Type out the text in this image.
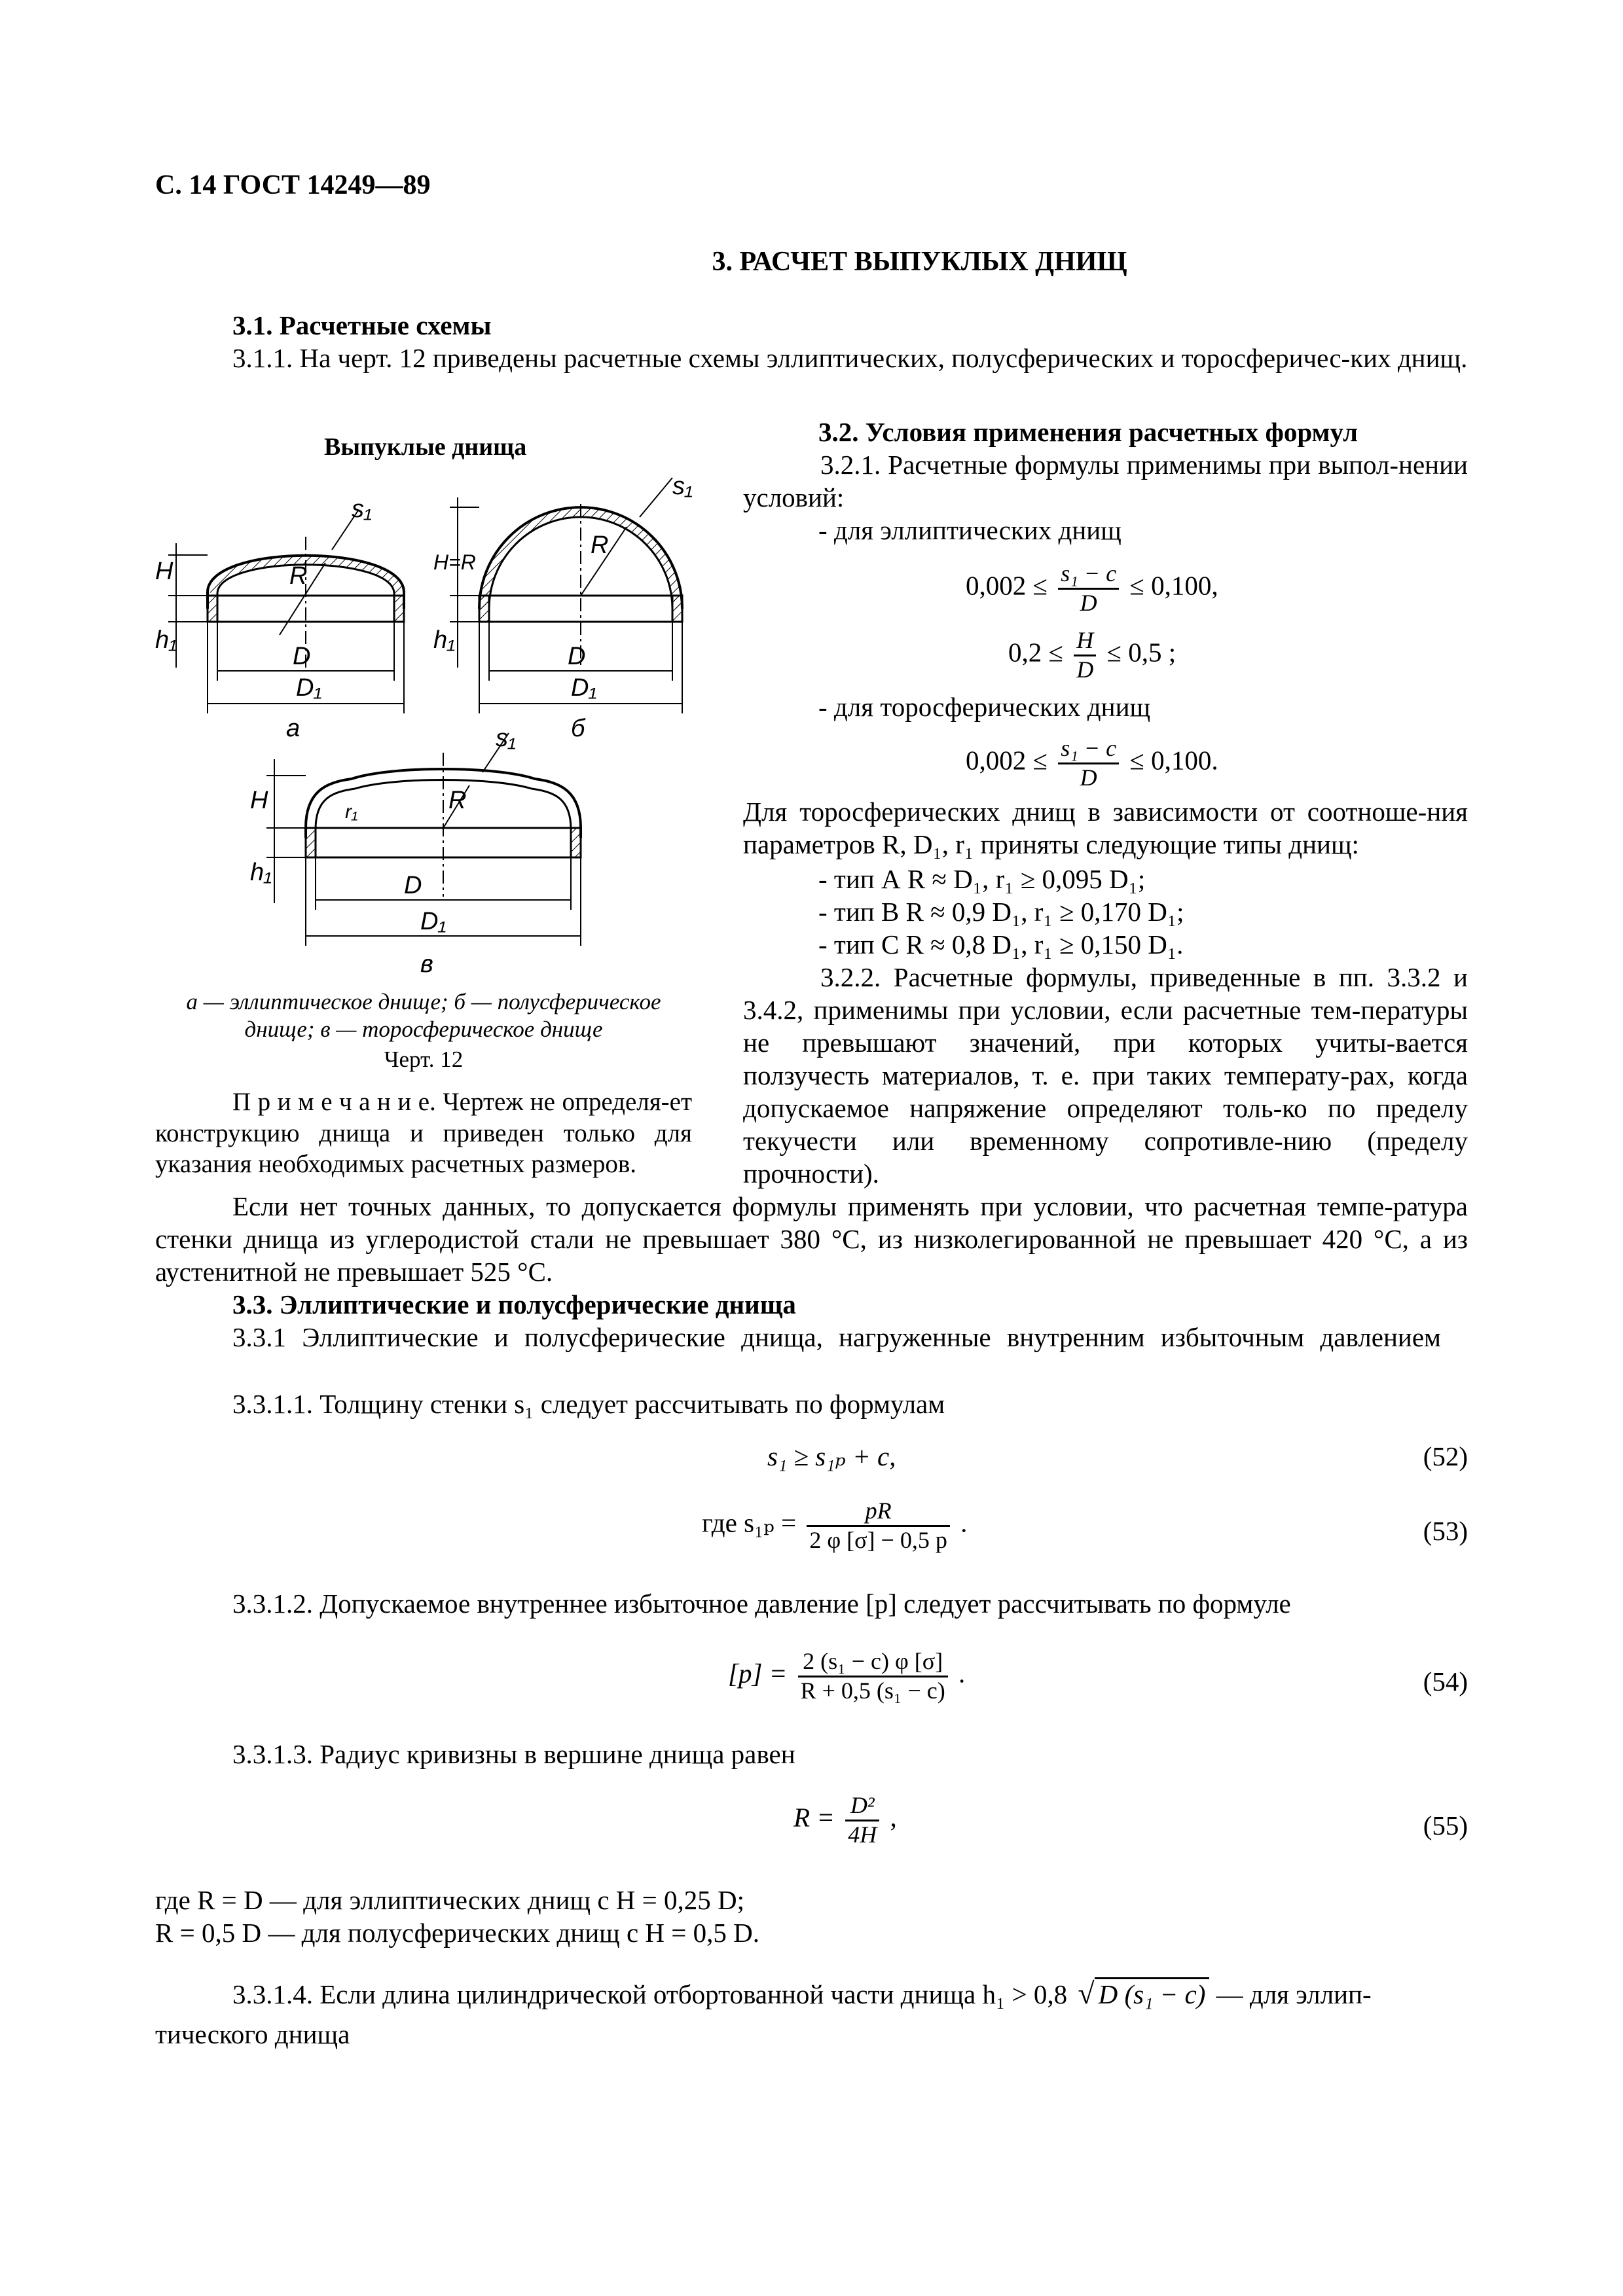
С. 14 ГОСТ 14249—89
3. РАСЧЕТ ВЫПУКЛЫХ ДНИЩ
3.1. Расчетные схемы
3.1.1. На черт. 12 приведены расчетные схемы эллиптических, полусферических и торосферичес-ких днищ.
Выпуклые днища
H
h₁
R
s₁
D
D₁
а
H=R
h₁
R
s₁
D
D₁
б
H
h₁
r₁	R
s₁
D
D₁
в
а — эллиптическое днище; б — полусферическое днище; в — торосферическое днище
Черт. 12
П р и м е ч а н и е. Чертеж не определя-ет конструкцию днища и приведен только для указания необходимых расчетных размеров.
3.2. Условия применения расчетных формул
3.2.1. Расчетные формулы применимы при выпол-нении условий:
- для эллиптических днищ
$0,002 \le \frac{\text{s₁ − c}}{D} \le 0,100$,
$0,2 \le \frac{H}{D} \le 0,5$ ;
- для торосферических днищ
$0,002 \le \frac{\text{s₁ − c}}{D} \le 0,100$.
Для торосферических днищ в зависимости от соотноше-ния параметров R, D₁, r₁ приняты следующие типы днищ:
- тип А R ≈ D₁, r₁ ≥ 0,095 D₁;
- тип В R ≈ 0,9 D₁, r₁ ≥ 0,170 D₁;
- тип С R ≈ 0,8 D₁, r₁ ≥ 0,150 D₁.
3.2.2. Расчетные формулы, приведенные в пп. 3.3.2 и 3.4.2, применимы при условии, если расчетные тем-пературы не превышают значений, при которых учиты-вается ползучесть материалов, т. е. при таких температу-рах, когда допускаемое напряжение определяют толь-ко по пределу текучести или временному сопротивле-нию (пределу прочности).
Если нет точных данных, то допускается формулы применять при условии, что расчетная темпе-ратура стенки днища из углеродистой стали не превышает 380 °С, из низколегированной не превышает 420 °С, а из аустенитной не превышает 525 °С.
3.3. Эллиптические и полусферические днища
3.3.1 Эллиптические и полусферические днища, нагруженные внутренним избыточным давлением
3.3.1.1. Толщину стенки s₁ следует рассчитывать по формулам
s₁ ≥ s₁ₚ + c,	(52)
где $s_{1p} = \frac{pR}{2 \varphi [\sigma] - 0,5 p}$ .	(53)
3.3.1.2. Допускаемое внутреннее избыточное давление [p] следует рассчитывать по формуле
$[p] = \frac{\text{2 (s₁ − c) φ [σ]}}{\text{R + 0,5 (s₁ − c)}}$ .	(54)
3.3.1.3. Радиус кривизны в вершине днища равен
$R = \frac{\text{D²}}{4H}$ ,	(55)
где R = D — для эллиптических днищ с H = 0,25 D;
R = 0,5 D — для полусферических днищ с H = 0,5 D.
3.3.1.4. Если длина цилиндрической отбортованной части днища h₁ > 0,8 √ D (s₁ − c) — для эллип-
тического днища
